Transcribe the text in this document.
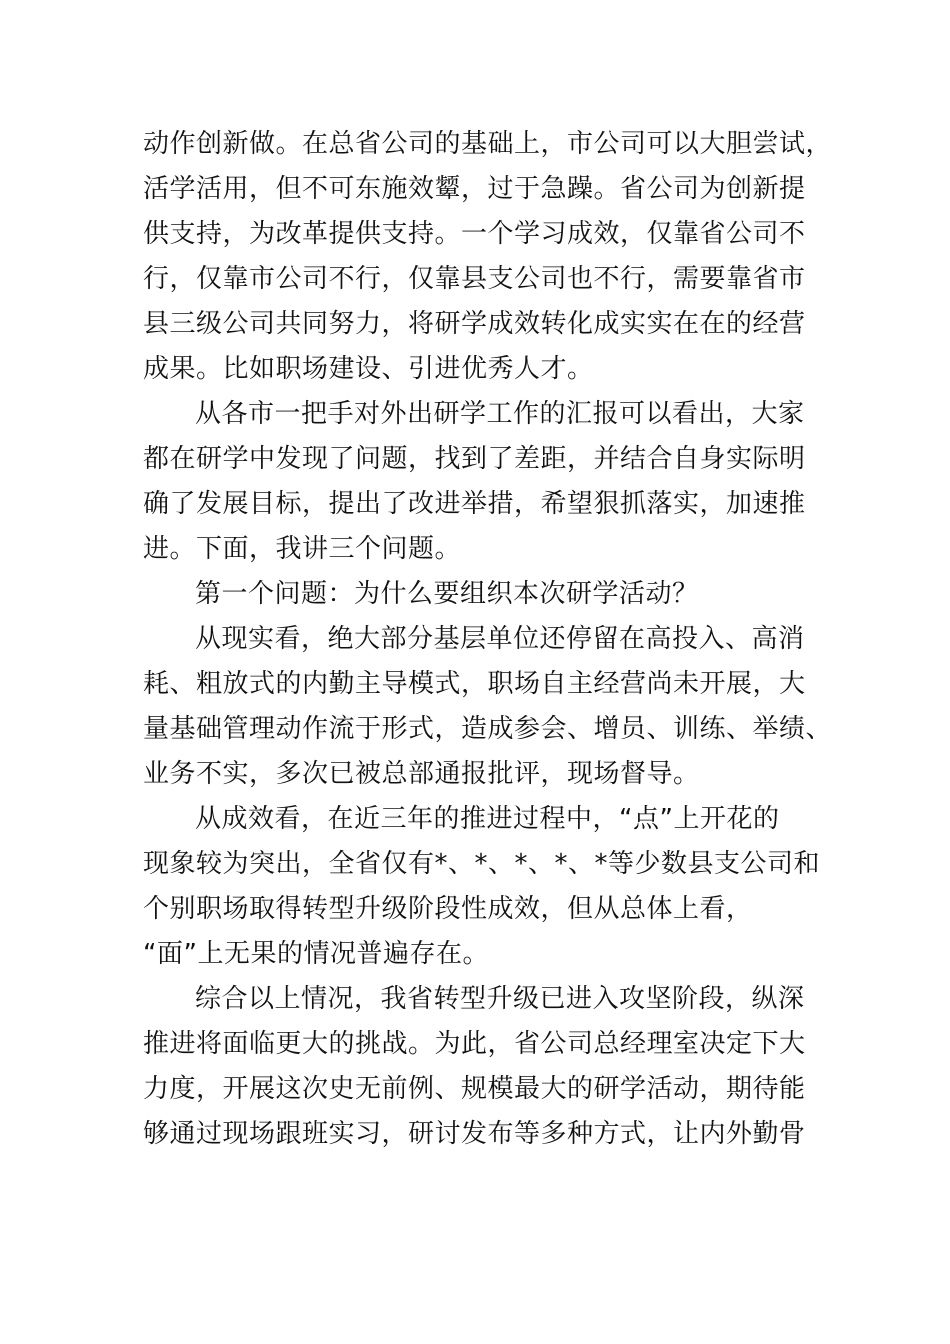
动作创新做。在总省公司的基础上，市公司可以大胆尝试，
活学活用，但不可东施效颦，过于急躁。省公司为创新提
供支持，为改革提供支持。一个学习成效，仅靠省公司不
行，仅靠市公司不行，仅靠县支公司也不行，需要靠省市
县三级公司共同努力，将研学成效转化成实实在在的经营
成果。比如职场建设、引进优秀人才。
从各市一把手对外出研学工作的汇报可以看出，大家
都在研学中发现了问题，找到了差距，并结合自身实际明
确了发展目标，提出了改进举措，希望狠抓落实，加速推
进。下面，我讲三个问题。
第一个问题：为什么要组织本次研学活动？
从现实看，绝大部分基层单位还停留在高投入、高消
耗、粗放式的内勤主导模式，职场自主经营尚未开展，大
量基础管理动作流于形式，造成参会、增员、训练、举绩、
业务不实，多次已被总部通报批评，现场督导。
从成效看，在近三年的推进过程中，“点”上开花的
现象较为突出，全省仅有*、*、*、*、*等少数县支公司和
个别职场取得转型升级阶段性成效，但从总体上看，
“面”上无果的情况普遍存在。
综合以上情况，我省转型升级已进入攻坚阶段，纵深
推进将面临更大的挑战。为此，省公司总经理室决定下大
力度，开展这次史无前例、规模最大的研学活动，期待能
够通过现场跟班实习，研讨发布等多种方式，让内外勤骨
